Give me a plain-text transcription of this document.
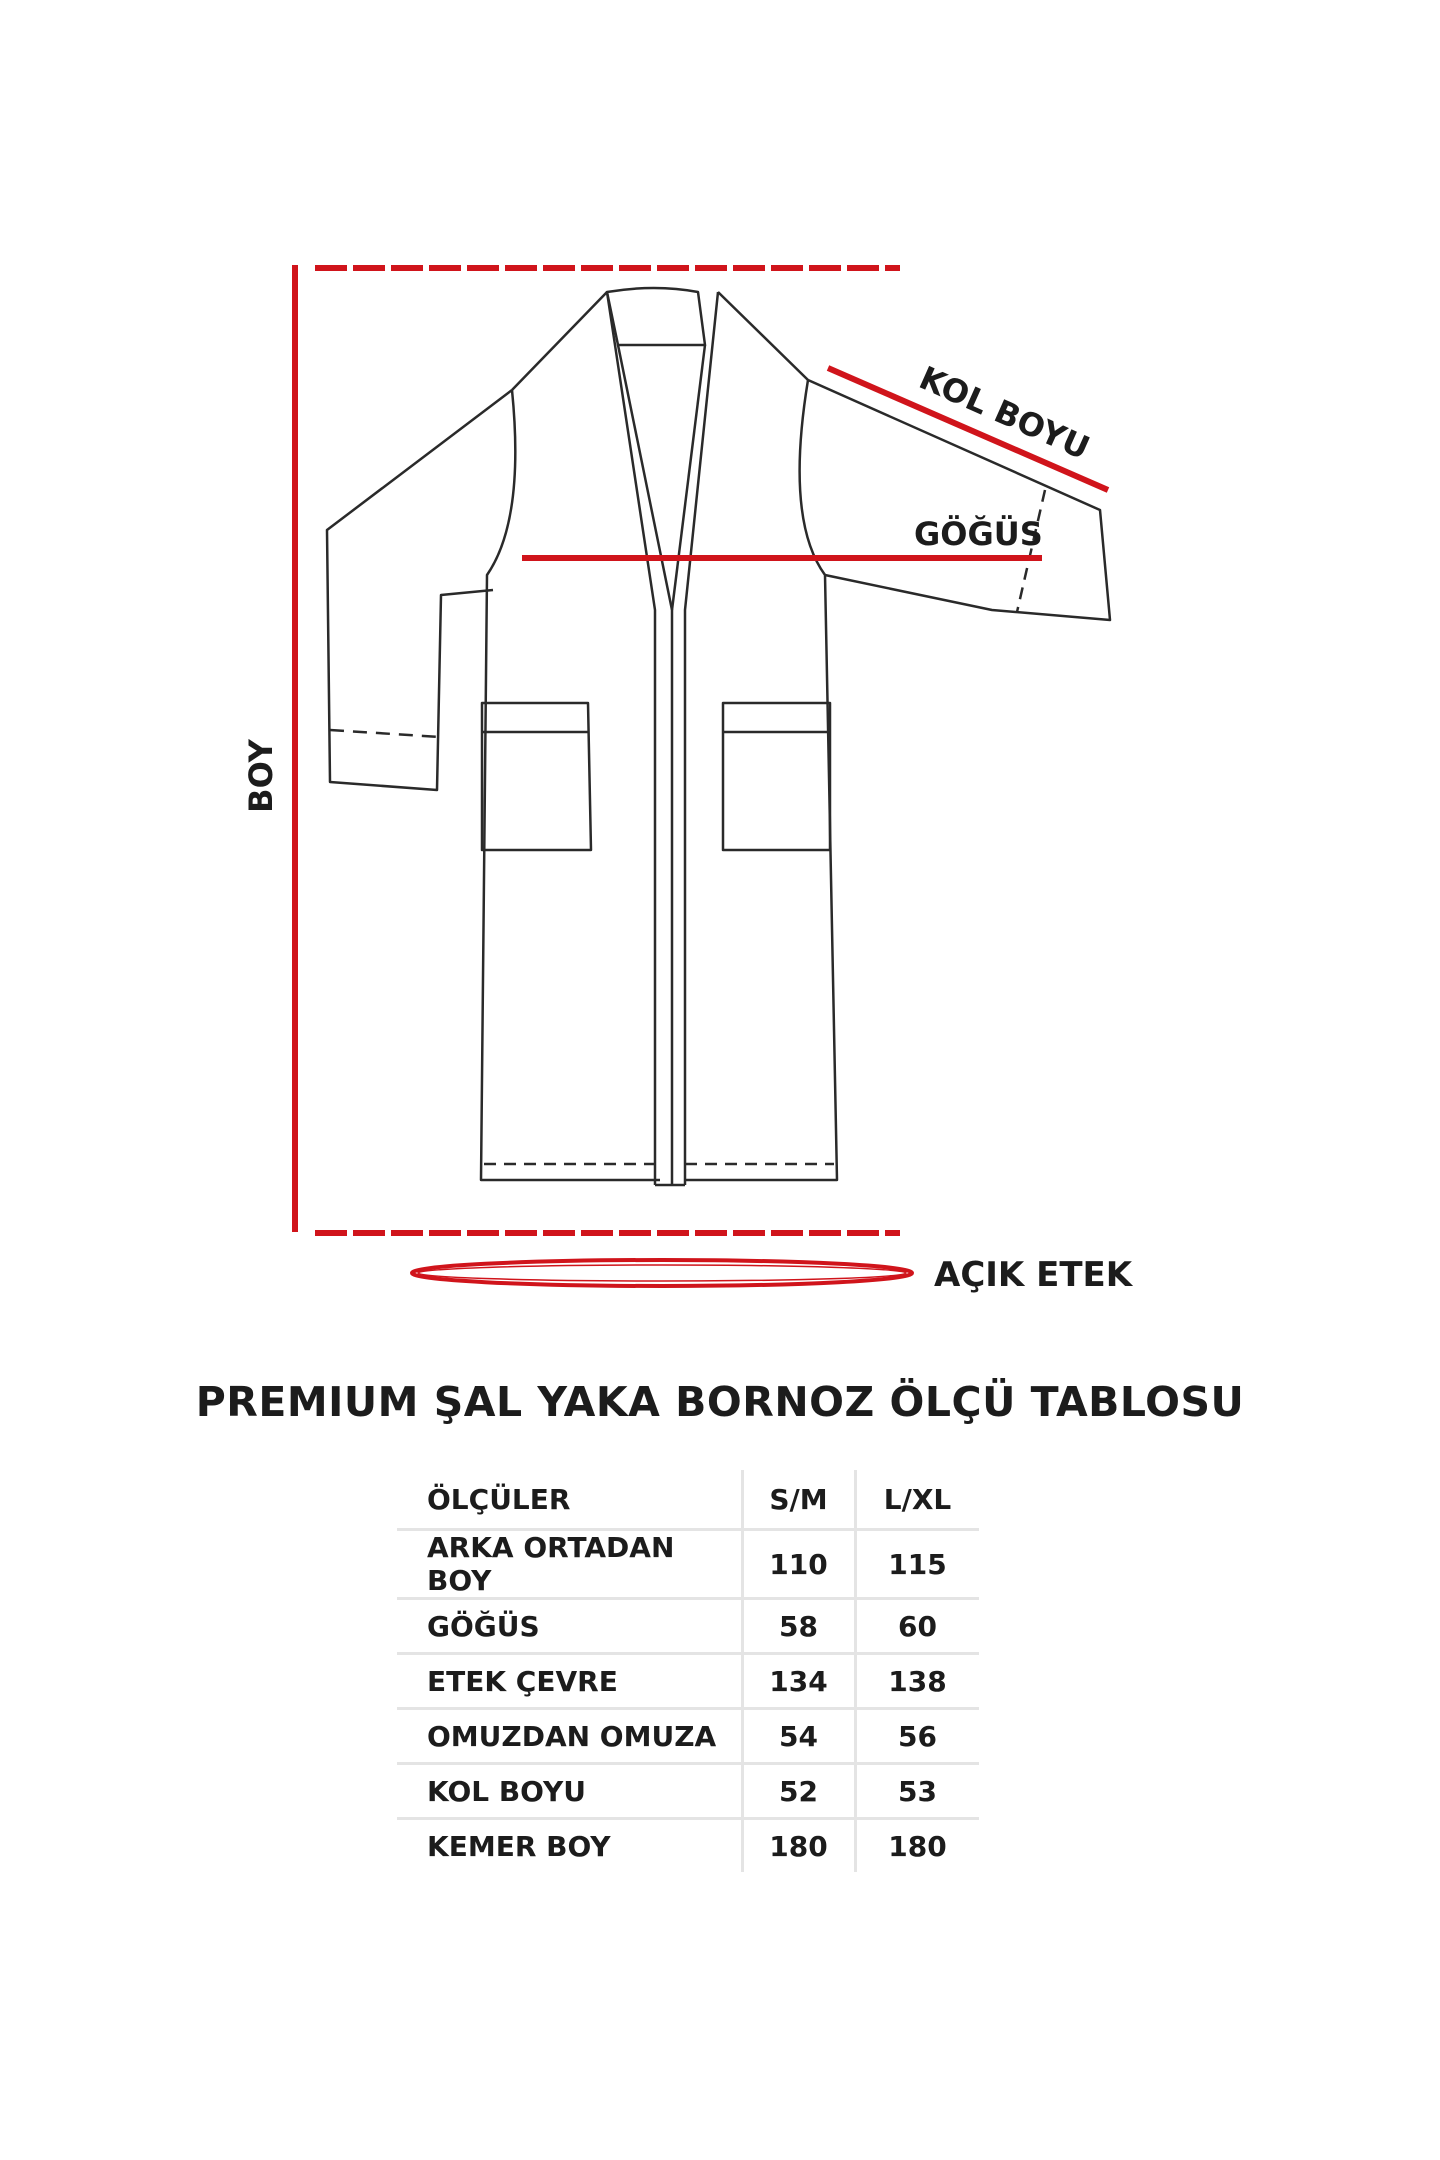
BOY
KOL BOYU
GÖĞÜS
AÇIK ETEK
PREMIUM ŞAL YAKA BORNOZ ÖLÇÜ TABLOSU
ÖLÇÜLER	S/M	L/XL
ARKA ORTADAN BOY	110	115
GÖĞÜS	58	60
ETEK ÇEVRE	134	138
OMUZDAN OMUZA	54	56
KOL BOYU	52	53
KEMER BOY	180	180
